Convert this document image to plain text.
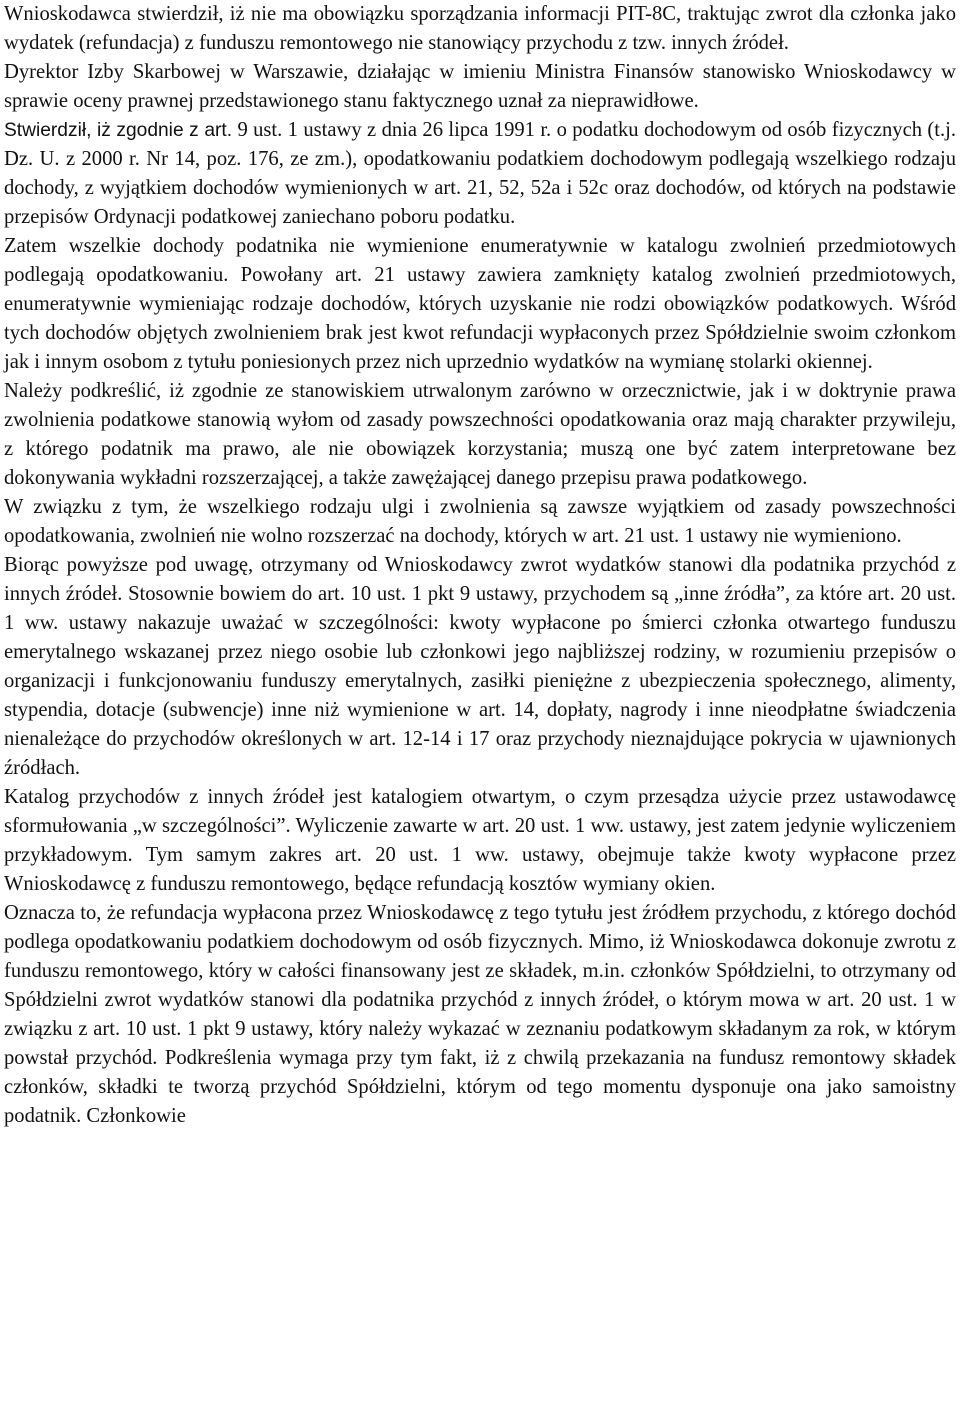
Wnioskodawca stwierdził, iż nie ma obowiązku sporządzania informacji PIT-8C, traktując zwrot dla członka jako wydatek (refundacja) z funduszu remontowego nie stanowiący przychodu z tzw. innych źródeł.

Dyrektor Izby Skarbowej w Warszawie, działając w imieniu Ministra Finansów stanowisko Wnioskodawcy w sprawie oceny prawnej przedstawionego stanu faktycznego uznał za nieprawidłowe.

Stwierdził, iż zgodnie z art. 9 ust. 1 ustawy z dnia 26 lipca 1991 r. o podatku dochodowym od osób fizycznych (t.j. Dz. U. z 2000 r. Nr 14, poz. 176, ze zm.), opodatkowaniu podatkiem dochodowym podlegają wszelkiego rodzaju dochody, z wyjątkiem dochodów wymienionych w art. 21, 52, 52a i 52c oraz dochodów, od których na podstawie przepisów Ordynacji podatkowej zaniechano poboru podatku.

Zatem wszelkie dochody podatnika nie wymienione enumeratywnie w katalogu zwolnień przedmiotowych podlegają opodatkowaniu. Powołany art. 21 ustawy zawiera zamknięty katalog zwolnień przedmiotowych, enumeratywnie wymieniając rodzaje dochodów, których uzyskanie nie rodzi obowiązków podatkowych. Wśród tych dochodów objętych zwolnieniem brak jest kwot refundacji wypłaconych przez Spółdzielnie swoim członkom jak i innym osobom z tytułu poniesionych przez nich uprzednio wydatków na wymianę stolarki okiennej.

Należy podkreślić, iż zgodnie ze stanowiskiem utrwalonym zarówno w orzecznictwie, jak i w doktrynie prawa zwolnienia podatkowe stanowią wyłom od zasady powszechności opodatkowania oraz mają charakter przywileju, z którego podatnik ma prawo, ale nie obowiązek korzystania; muszą one być zatem interpretowane bez dokonywania wykładni rozszerzającej, a także zawężającej danego przepisu prawa podatkowego.

W związku z tym, że wszelkiego rodzaju ulgi i zwolnienia są zawsze wyjątkiem od zasady powszechności opodatkowania, zwolnień nie wolno rozszerzać na dochody, których w art. 21 ust. 1 ustawy nie wymieniono.

Biorąc powyższe pod uwagę, otrzymany od Wnioskodawcy zwrot wydatków stanowi dla podatnika przychód z innych źródeł. Stosownie bowiem do art. 10 ust. 1 pkt 9 ustawy, przychodem są „inne źródła”, za które art. 20 ust. 1 ww. ustawy nakazuje uważać w szczególności: kwoty wypłacone po śmierci członka otwartego funduszu emerytalnego wskazanej przez niego osobie lub członkowi jego najbliższej rodziny, w rozumieniu przepisów o organizacji i funkcjonowaniu funduszy emerytalnych, zasiłki pieniężne z ubezpieczenia społecznego, alimenty, stypendia, dotacje (subwencje) inne niż wymienione w art. 14, dopłaty, nagrody i inne nieodpłatne świadczenia nienależące do przychodów określonych w art. 12-14 i 17 oraz przychody nieznajdujące pokrycia w ujawnionych źródłach.

Katalog przychodów z innych źródeł jest katalogiem otwartym, o czym przesądza użycie przez ustawodawcę sformułowania „w szczególności”. Wyliczenie zawarte w art. 20 ust. 1 ww. ustawy, jest zatem jedynie wyliczeniem przykładowym. Tym samym zakres art. 20 ust. 1 ww. ustawy, obejmuje także kwoty wypłacone przez Wnioskodawcę z funduszu remontowego, będące refundacją kosztów wymiany okien.

Oznacza to, że refundacja wypłacona przez Wnioskodawcę z tego tytułu jest źródłem przychodu, z którego dochód podlega opodatkowaniu podatkiem dochodowym od osób fizycznych. Mimo, iż Wnioskodawca dokonuje zwrotu z funduszu remontowego, który w całości finansowany jest ze składek, m.in. członków Spółdzielni, to otrzymany od Spółdzielni zwrot wydatków stanowi dla podatnika przychód z innych źródeł, o którym mowa w art. 20 ust. 1 w związku z art. 10 ust. 1 pkt 9 ustawy, który należy wykazać w zeznaniu podatkowym składanym za rok, w którym powstał przychód. Podkreślenia wymaga przy tym fakt, iż z chwilą przekazania na fundusz remontowy składek członków, składki te tworzą przychód Spółdzielni, którym od tego momentu dysponuje ona jako samoistny podatnik. Członkowie
